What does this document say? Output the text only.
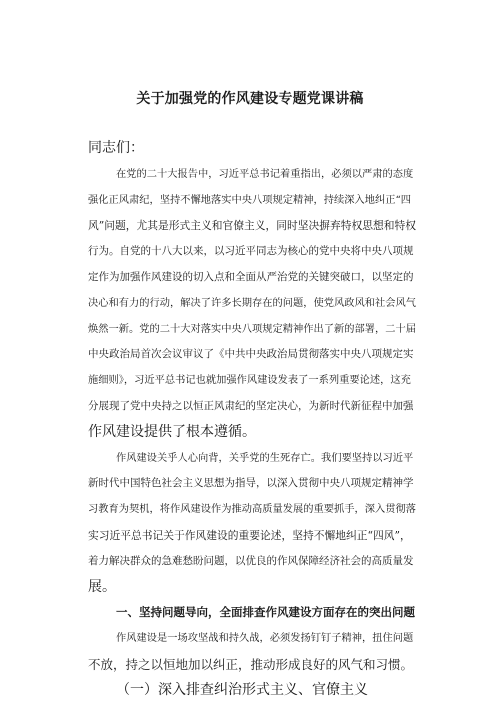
关于加强党的作风建设专题党课讲稿
同志们：
在党的二十大报告中，习近平总书记着重指出，必须以严肃的态度
强化正风肃纪，坚持不懈地落实中央八项规定精神，持续深入地纠正“四
风”问题，尤其是形式主义和官僚主义，同时坚决摒弃特权思想和特权
行为。自党的十八大以来，以习近平同志为核心的党中央将中央八项规
定作为加强作风建设的切入点和全面从严治党的关键突破口，以坚定的
决心和有力的行动，解决了许多长期存在的问题，使党风政风和社会风气
焕然一新。党的二十大对落实中央八项规定精神作出了新的部署，二十届
中央政治局首次会议审议了《中共中央政治局贯彻落实中央八项规定实
施细则》，习近平总书记也就加强作风建设发表了一系列重要论述，这充
分展现了党中央持之以恒正风肃纪的坚定决心，为新时代新征程中加强
作风建设提供了根本遵循。
作风建设关乎人心向背，关乎党的生死存亡。我们要坚持以习近平
新时代中国特色社会主义思想为指导，以深入贯彻中央八项规定精神学
习教育为契机，将作风建设作为推动高质量发展的重要抓手，深入贯彻落
实习近平总书记关于作风建设的重要论述，坚持不懈地纠正“四风”，
着力解决群众的急难愁盼问题，以优良的作风保障经济社会的高质量发
展。
一、坚持问题导向，全面排查作风建设方面存在的突出问题
作风建设是一场攻坚战和持久战，必须发扬钉钉子精神，扭住问题
不放，持之以恒地加以纠正，推动形成良好的风气和习惯。
（一）深入排查纠治形式主义、官僚主义
